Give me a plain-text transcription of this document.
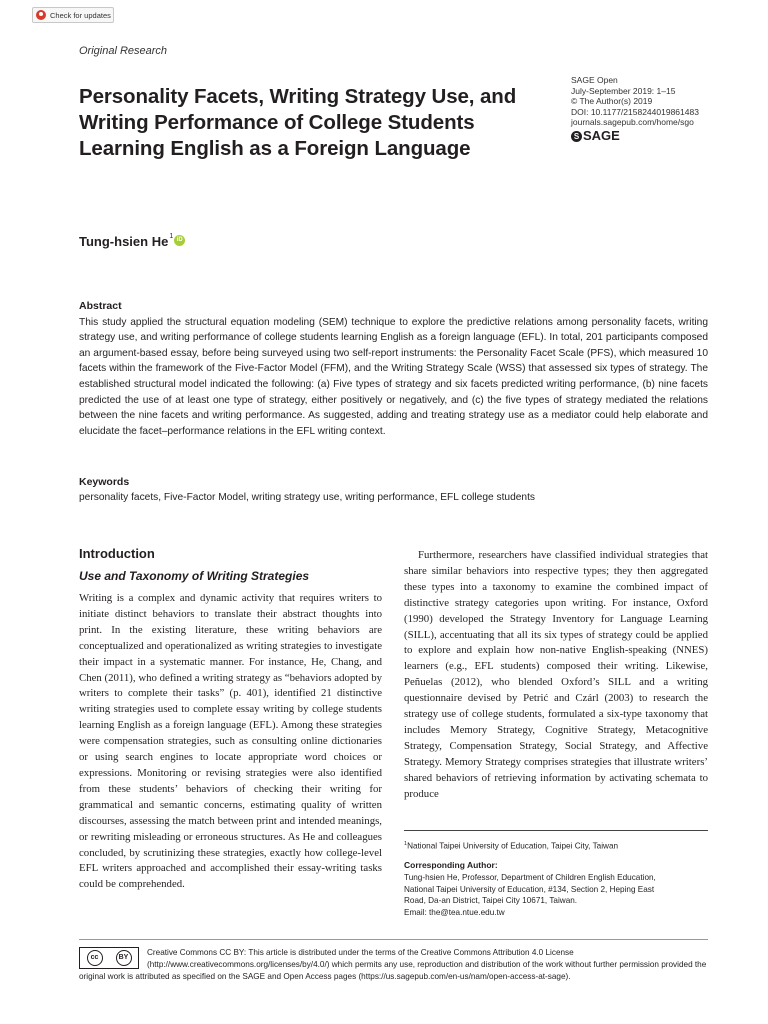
Check for updates
Original Research
Personality Facets, Writing Strategy Use, and Writing Performance of College Students Learning English as a Foreign Language
SAGE Open
July-September 2019: 1–15
© The Author(s) 2019
DOI: 10.1177/2158244019861483
journals.sagepub.com/home/sgo
S SAGE
Tung-hsien He$^1$ iD
Abstract

This study applied the structural equation modeling (SEM) technique to explore the predictive relations among personality facets, writing strategy use, and writing performance of college students learning English as a foreign language (EFL). In total, 201 participants composed an argument-based essay, before being surveyed using two self-report instruments: the Personality Facet Scale (PFS), which measured 10 facets within the framework of the Five-Factor Model (FFM), and the Writing Strategy Scale (WSS) that assessed six types of strategy. The established structural model indicated the following: (a) Five types of strategy and six facets predicted writing performance, (b) nine facets predicted the use of at least one type of strategy, either positively or negatively, and (c) the five types of strategy mediated the relations between the nine facets and writing performance. As suggested, adding and treating strategy use as a mediator could help elaborate and elucidate the facet–performance relations in the EFL writing context.

Keywords

personality facets, Five-Factor Model, writing strategy use, writing performance, EFL college students

Introduction
Use and Taxonomy of Writing Strategies

Writing is a complex and dynamic activity that requires writers to initiate distinct behaviors to translate their abstract thoughts into print. In the existing literature, these writing behaviors are conceptualized and operationalized as writing strategies to investigate their impact in a systematic manner. For instance, He, Chang, and Chen (2011), who defined a writing strategy as “behaviors adopted by writers to complete their tasks” (p. 401), identified 21 distinctive writing strategies used to complete essay writing by college students learning English as a foreign language (EFL). Among these strategies were compensation strategies, such as consulting online dictionaries or using search engines to locate appropriate word choices or expressions. Monitoring or revising strategies were also identified from these students’ behaviors of checking their writing for grammatical and semantic concerns, estimating quality of written discourses, assessing the match between print and intended meanings, or rewriting misleading or erroneous structures. As He and colleagues concluded, by scrutinizing these strategies, exactly how college-level EFL writers approached and accomplished their essay-writing tasks could be comprehended.

Furthermore, researchers have classified individual strategies that share similar behaviors into respective types; they then aggregated these types into a taxonomy to examine the combined impact of distinctive strategy categories upon writing. For instance, Oxford (1990) developed the Strategy Inventory for Language Learning (SILL), accentuating that all its six types of strategy could be applied to explore and explain how non-native English-speaking (NNES) learners (e.g., EFL students) composed their writing. Likewise, Peñuelas (2012), who blended Oxford’s SILL and a writing questionnaire devised by Petrić and Czárl (2003) to research the strategy use of college students, formulated a six-type taxonomy that includes Memory Strategy, Cognitive Strategy, Metacognitive Strategy, Compensation Strategy, Social Strategy, and Affective Strategy. Memory Strategy comprises strategies that illustrate writers’ shared behaviors of retrieving information by activating schemata to produce

$^1$National Taipei University of Education, Taipei City, Taiwan
Corresponding Author:
Tung-hsien He, Professor, Department of Children English Education,
National Taipei University of Education, #134, Section 2, Heping East
Road, Da-an District, Taipei City 10671, Taiwan.
Email: the@tea.ntue.edu.tw
cc	BY
Creative Commons CC BY: This article is distributed under the terms of the Creative Commons Attribution 4.0 License (http://www.creativecommons.org/licenses/by/4.0/) which permits any use, reproduction and distribution of the work without further permission provided the original work is attributed as specified on the SAGE and Open Access pages (https://us.sagepub.com/en-us/nam/open-access-at-sage).
